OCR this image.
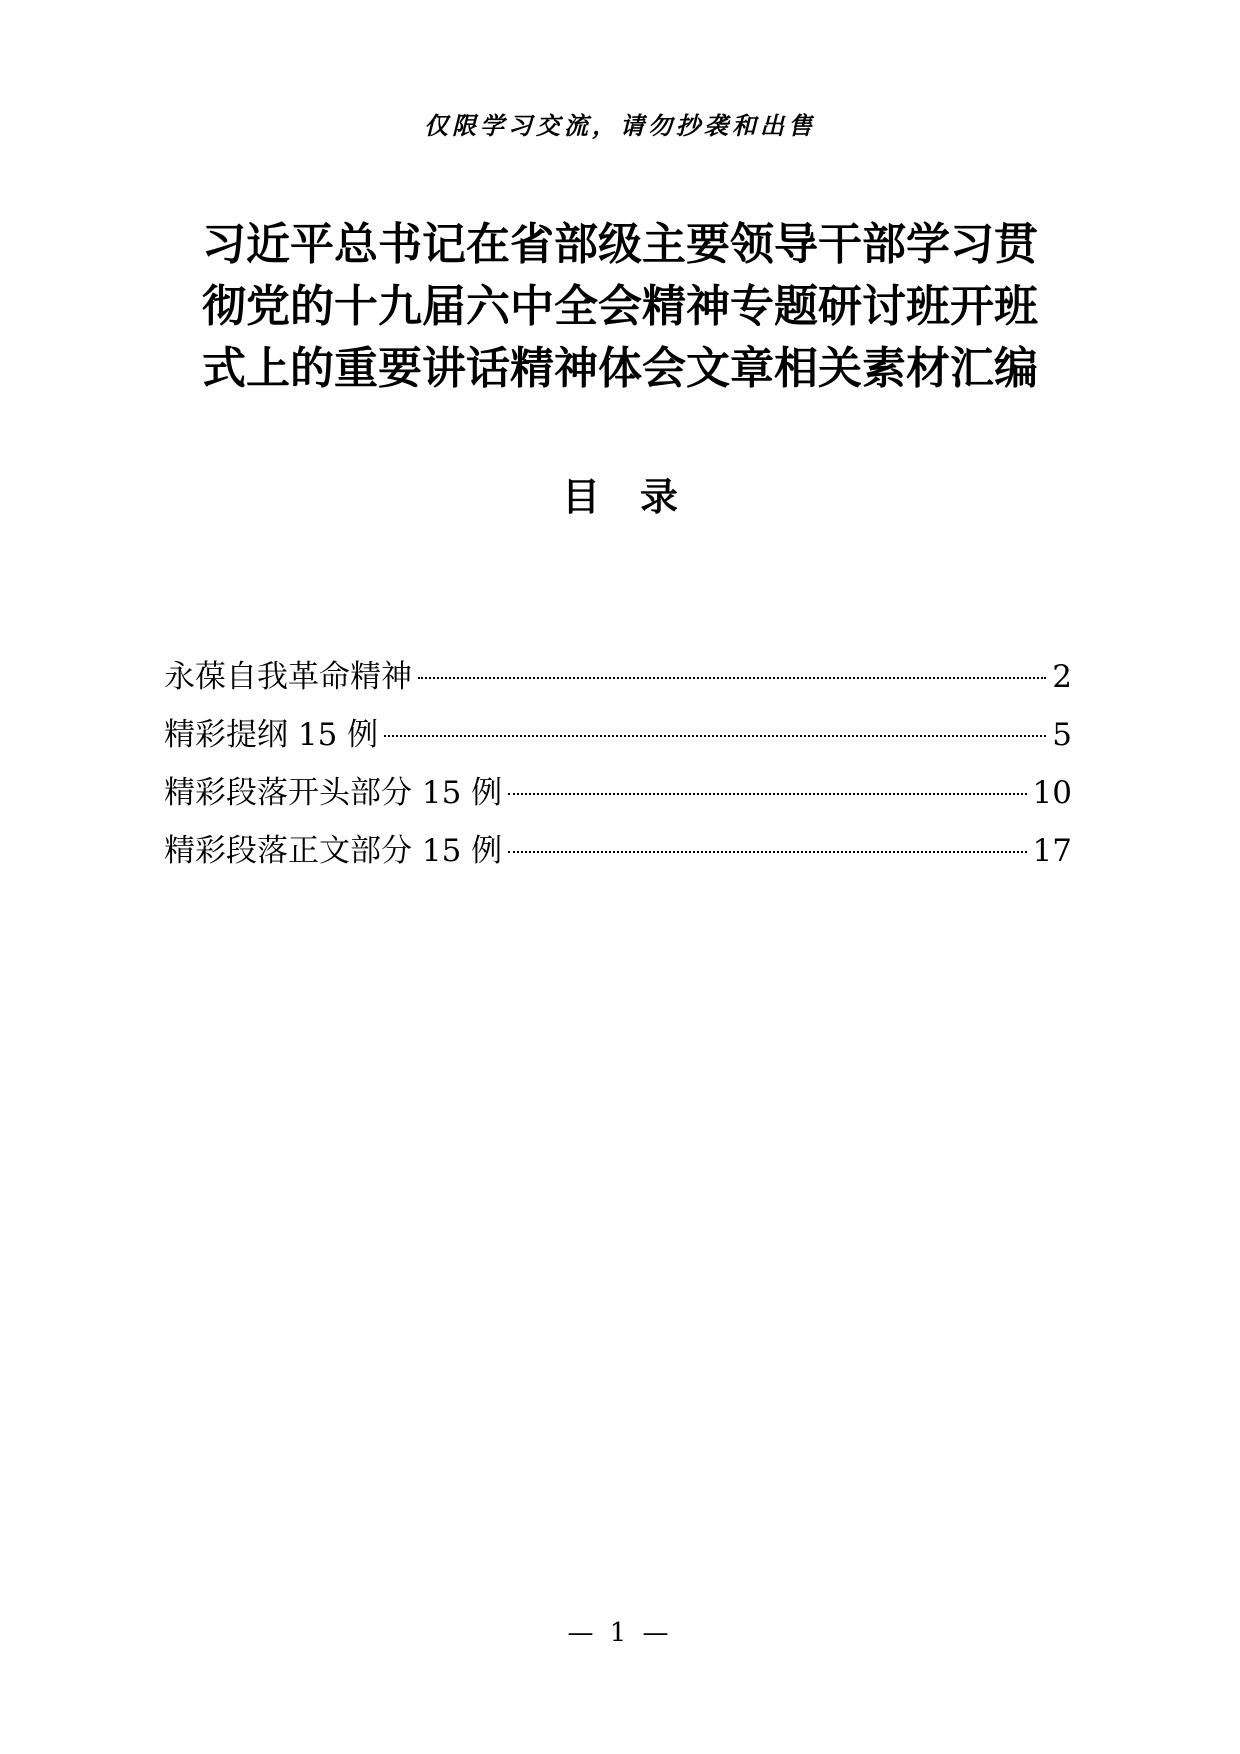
仅限学习交流，请勿抄袭和出售
习近平总书记在省部级主要领导干部学习贯
彻党的十九届六中全会精神专题研讨班开班
式上的重要讲话精神体会文章相关素材汇编
目录
永葆自我革命精神	2
精彩提纲 15 例	5
精彩段落开头部分 15 例	10
精彩段落正文部分 15 例	17
— 1 —
